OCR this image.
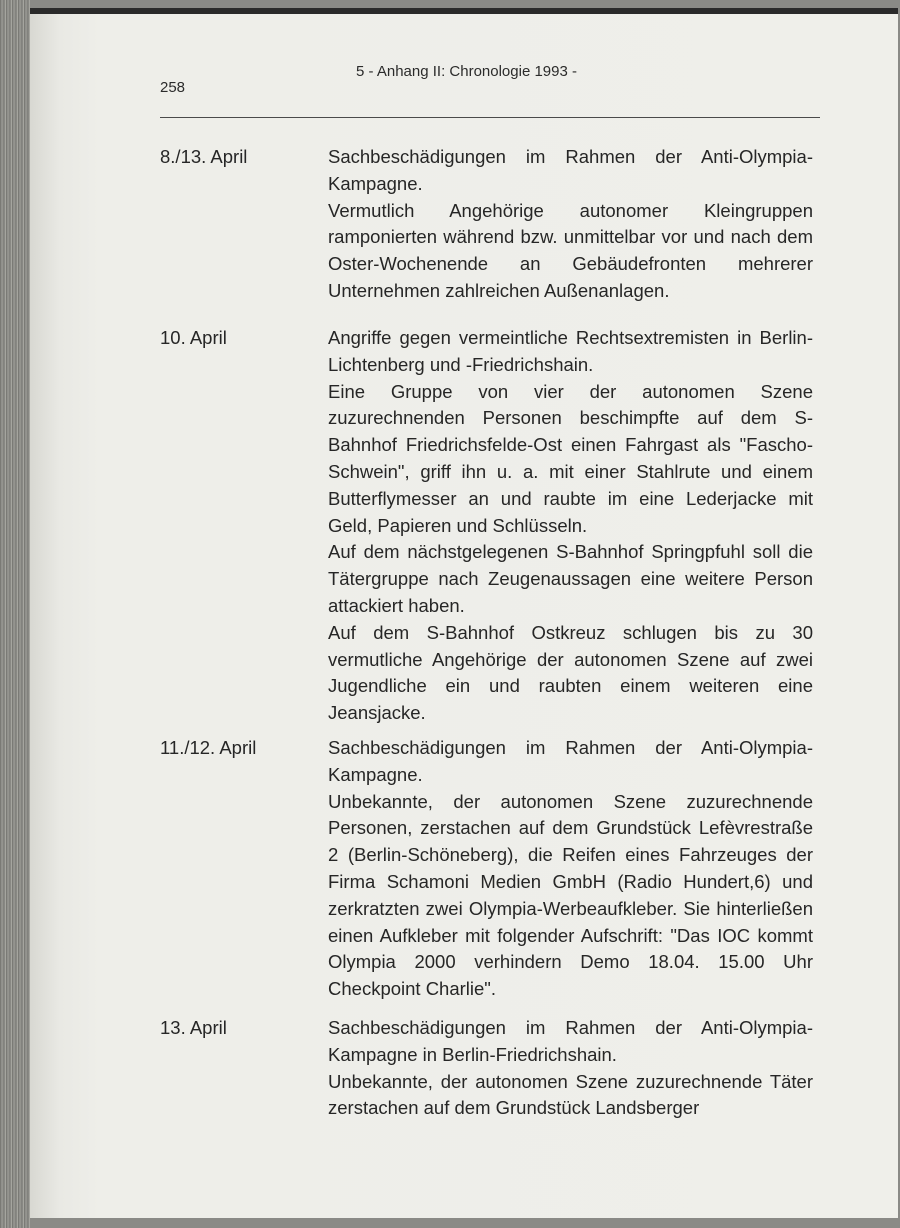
258
5 - Anhang II: Chronologie 1993 -
8./13. April	Sachbeschädigungen im Rahmen der Anti-Olympia-Kampagne.

Vermutlich Angehörige autonomer Kleingruppen ramponierten während bzw. unmittelbar vor und nach dem Oster-Wochenende an Gebäudefronten mehrerer Unternehmen zahlreichen Außenanlagen.

10. April	Angriffe gegen vermeintliche Rechtsextremisten in Berlin-Lichtenberg und -Friedrichshain.

Eine Gruppe von vier der autonomen Szene zuzurechnenden Personen beschimpfte auf dem S-Bahnhof Friedrichsfelde-Ost einen Fahrgast als "Fascho-Schwein", griff ihn u. a. mit einer Stahlrute und einem Butterflymesser an und raubte im eine Lederjacke mit Geld, Papieren und Schlüsseln.

Auf dem nächstgelegenen S-Bahnhof Springpfuhl soll die Tätergruppe nach Zeugenaussagen eine weitere Person attackiert haben.

Auf dem S-Bahnhof Ostkreuz schlugen bis zu 30 vermutliche Angehörige der autonomen Szene auf zwei Jugendliche ein und raubten einem weiteren eine Jeansjacke.

11./12. April	Sachbeschädigungen im Rahmen der Anti-Olympia-Kampagne.

Unbekannte, der autonomen Szene zuzurechnende Personen, zerstachen auf dem Grundstück Lefèvrestraße 2 (Berlin-Schöneberg), die Reifen eines Fahrzeuges der Firma Schamoni Medien GmbH (Radio Hundert,6) und zerkratzten zwei Olympia-Werbeaufkleber. Sie hinterließen einen Aufkleber mit folgender Aufschrift: "Das IOC kommt Olympia 2000 verhindern Demo 18.04. 15.00 Uhr Checkpoint Charlie".

13. April	Sachbeschädigungen im Rahmen der Anti-Olympia-Kampagne in Berlin-Friedrichshain.

Unbekannte, der autonomen Szene zuzurechnende Täter zerstachen auf dem Grundstück Landsberger
